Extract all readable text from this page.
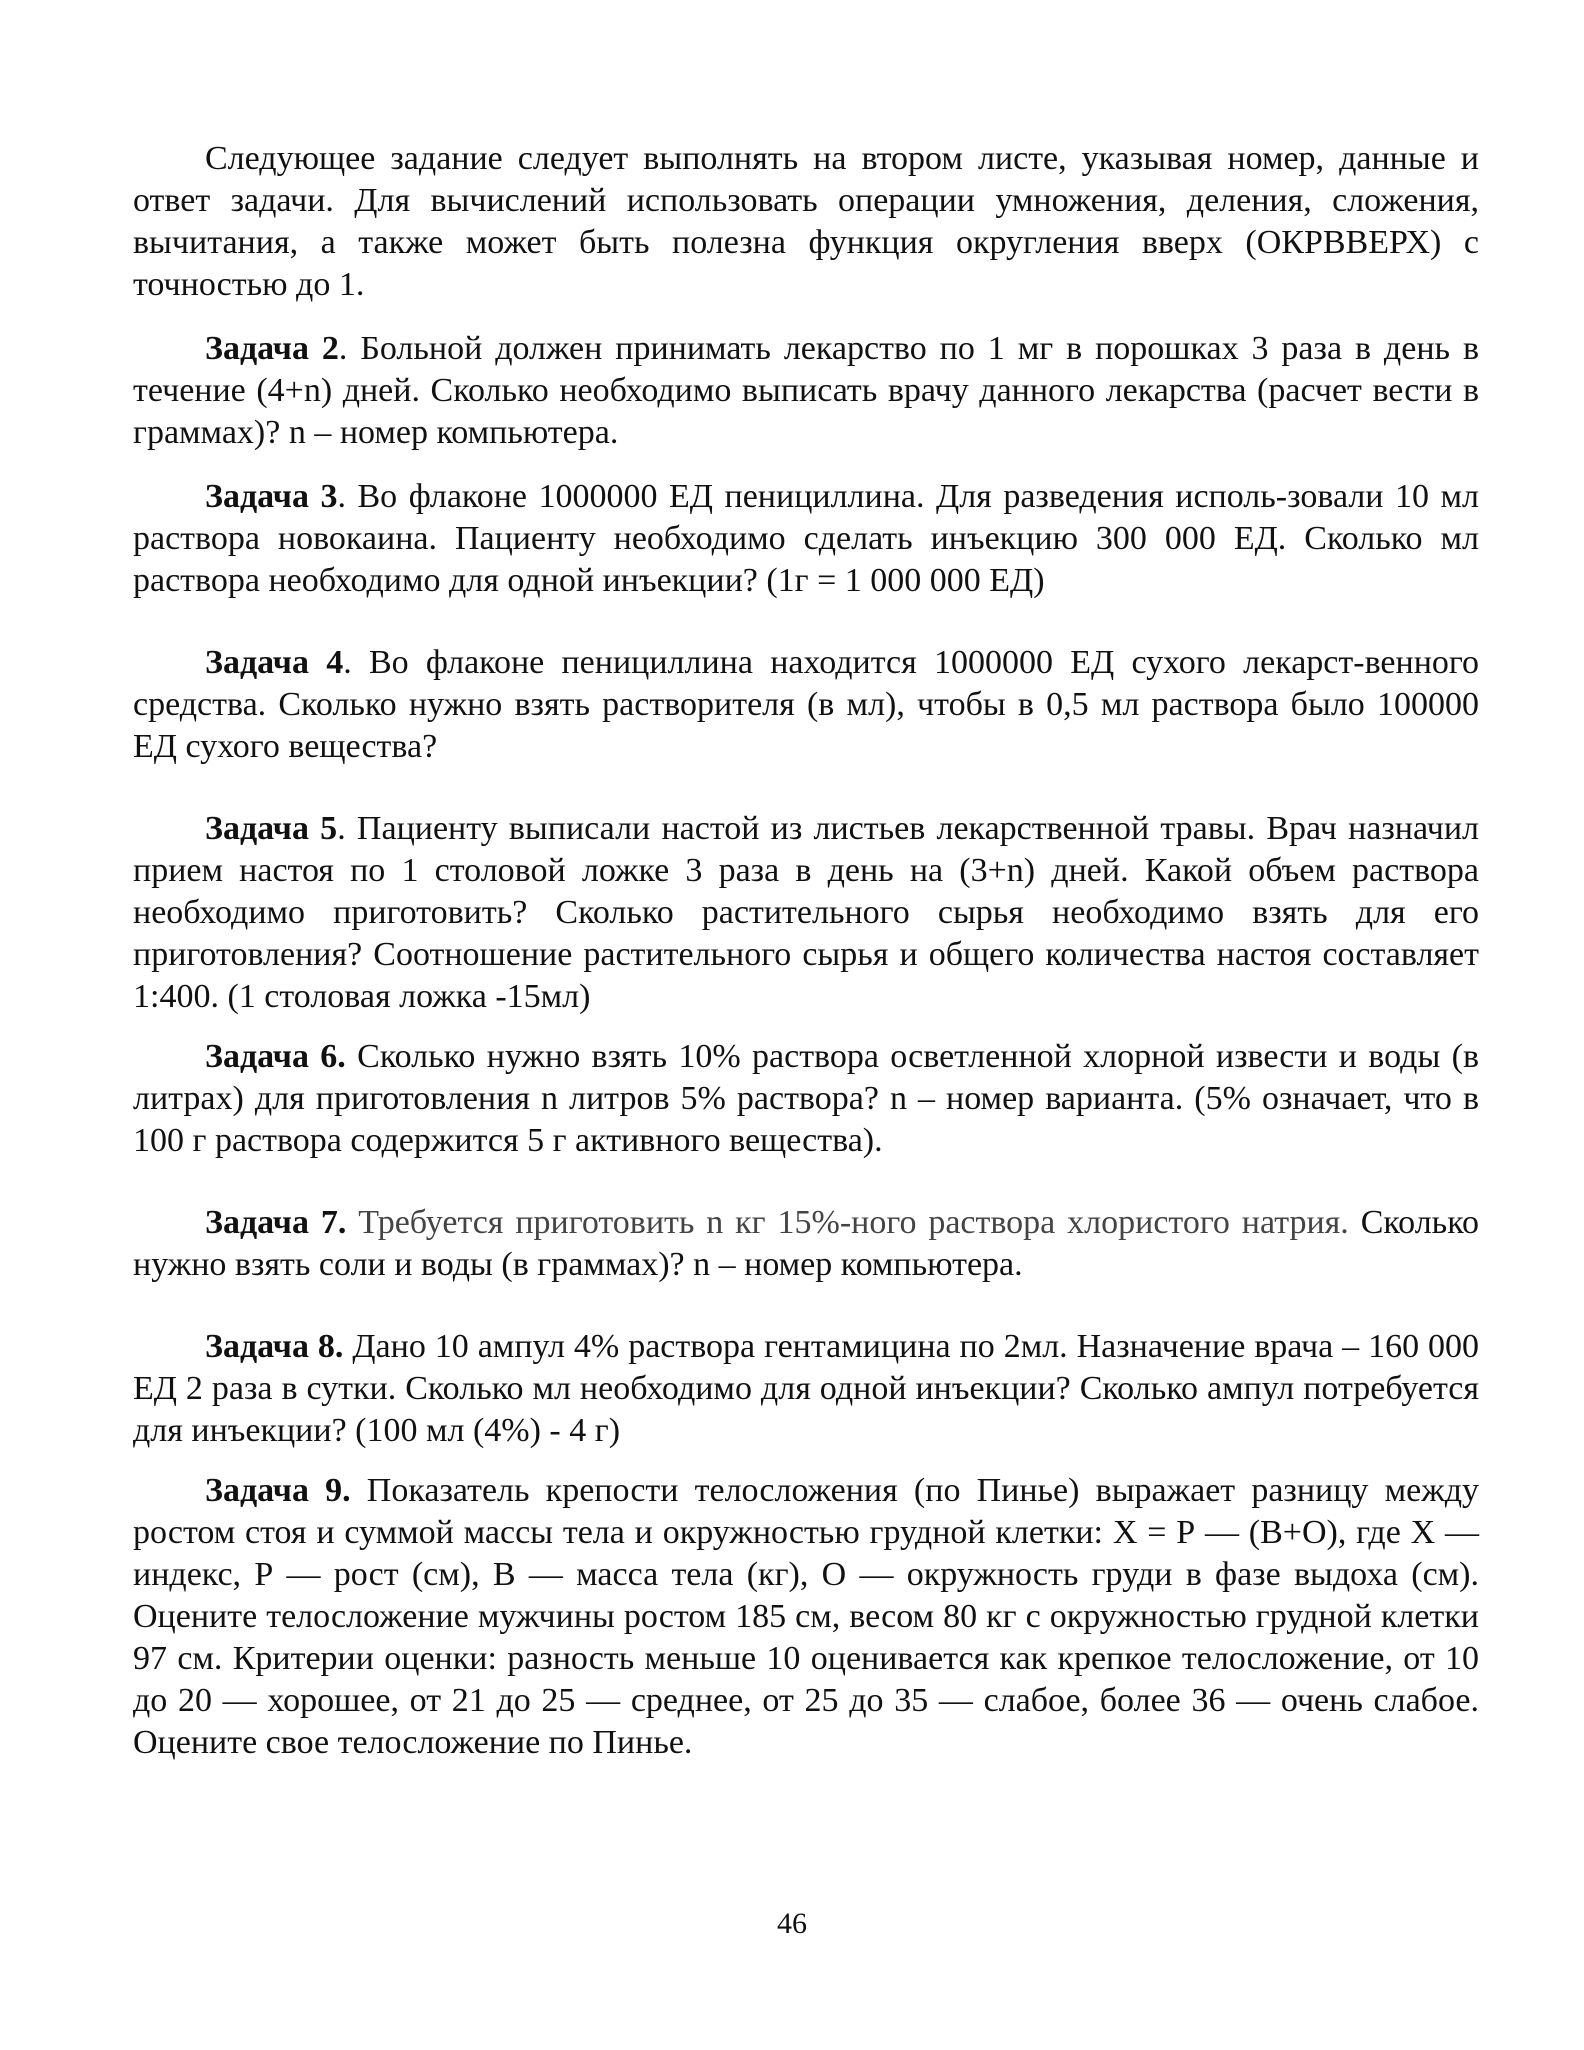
Следующее задание следует выполнять на втором листе, указывая номер, данные и ответ задачи. Для вычислений использовать операции умножения, деления, сложения, вычитания, а также может быть полезна функция округления вверх (ОКРВВЕРХ) с точностью до 1.

Задача 2. Больной должен принимать лекарство по 1 мг в порошках 3 раза в день в течение (4+n) дней. Сколько необходимо выписать врачу данного лекарства (расчет вести в граммах)? n – номер компьютера.

Задача 3. Во флаконе 1000000 ЕД пенициллина. Для разведения исполь-зовали 10 мл раствора новокаина. Пациенту необходимо сделать инъекцию 300 000 ЕД. Сколько мл раствора необходимо для одной инъекции? (1г = 1 000 000 ЕД)

Задача 4. Во флаконе пенициллина находится 1000000 ЕД сухого лекарст-венного средства. Сколько нужно взять растворителя (в мл), чтобы в 0,5 мл раствора было 100000 ЕД сухого вещества?

Задача 5. Пациенту выписали настой из листьев лекарственной травы. Врач назначил прием настоя по 1 столовой ложке 3 раза в день на (3+n) дней. Какой объем раствора необходимо приготовить? Сколько растительного сырья необходимо взять для его приготовления? Соотношение растительного сырья и общего количества настоя составляет 1:400. (1 столовая ложка -15мл)

Задача 6. Сколько нужно взять 10% раствора осветленной хлорной извести и воды (в литрах) для приготовления n литров 5% раствора? n – номер варианта. (5% означает, что в 100 г раствора содержится 5 г активного вещества).

Задача 7. Требуется приготовить n кг 15%-ного раствора хлористого натрия. Сколько нужно взять соли и воды (в граммах)? n – номер компьютера.

Задача 8. Дано 10 ампул 4% раствора гентамицина по 2мл. Назначение врача – 160 000 ЕД 2 раза в сутки. Сколько мл необходимо для одной инъекции? Сколько ампул потребуется для инъекции? (100 мл (4%) - 4 г)

Задача 9. Показатель крепости телосложения (по Пинье) выражает разницу между ростом стоя и суммой массы тела и окружностью грудной клетки: X = Р — (В+О), где X — индекс, Р — рост (см), В — масса тела (кг), О — окружность груди в фазе выдоха (см). Оцените телосложение мужчины ростом 185 см, весом 80 кг с окружностью грудной клетки 97 см. Критерии оценки: разность меньше 10 оценивается как крепкое телосложение, от 10 до 20 — хорошее, от 21 до 25 — среднее, от 25 до 35 — слабое, более 36 — очень слабое. Оцените свое телосложение по Пинье.

46
